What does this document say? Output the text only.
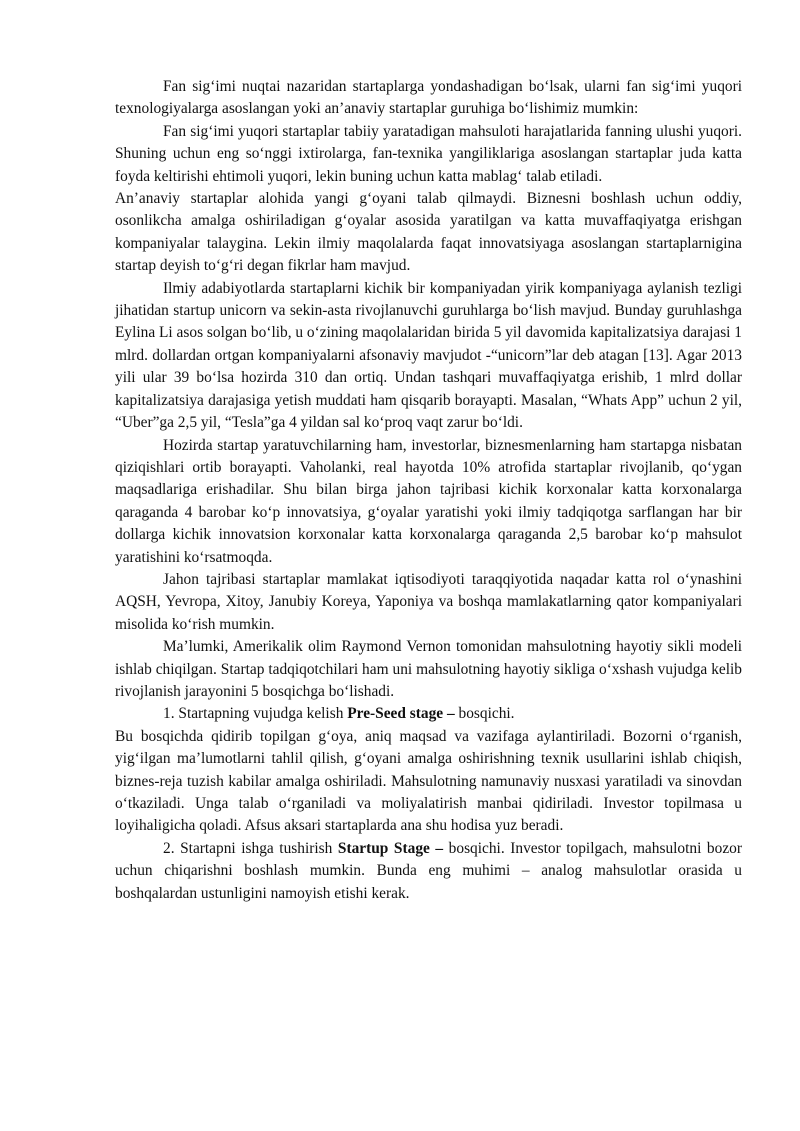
Fan sig‘imi nuqtai nazaridan startaplarga yondashadigan bo‘lsak, ularni fan sig‘imi yuqori texnologiyalarga asoslangan yoki an’anaviy startaplar guruhiga bo‘lishimiz mumkin:

Fan sig‘imi yuqori startaplar tabiiy yaratadigan mahsuloti harajatlarida fanning ulushi yuqori. Shuning uchun eng so‘nggi ixtirolarga, fan-texnika yangiliklariga asoslangan startaplar juda katta foyda keltirishi ehtimoli yuqori, lekin buning uchun katta mablag‘ talab etiladi.

An’anaviy startaplar alohida yangi g‘oyani talab qilmaydi. Biznesni boshlash uchun oddiy, osonlikcha amalga oshiriladigan g‘oyalar asosida yaratilgan va katta muvaffaqiyatga erishgan kompaniyalar talaygina. Lekin ilmiy maqolalarda faqat innovatsiyaga asoslangan startaplarnigina startap deyish to‘g‘ri degan fikrlar ham mavjud.

Ilmiy adabiyotlarda startaplarni kichik bir kompaniyadan yirik kompaniyaga aylanish tezligi jihatidan startup unicorn va sekin-asta rivojlanuvchi guruhlarga bo‘lish mavjud. Bunday guruhlashga Eylina Li asos solgan bo‘lib, u o‘zining maqolalaridan birida 5 yil davomida kapitalizatsiya darajasi 1 mlrd. dollardan ortgan kompaniyalarni afsonaviy mavjudot -“unicorn”lar deb atagan [13]. Agar 2013 yili ular 39 bo‘lsa hozirda 310 dan ortiq. Undan tashqari muvaffaqiyatga erishib, 1 mlrd dollar kapitalizatsiya darajasiga yetish muddati ham qisqarib borayapti. Masalan, “Whats App” uchun 2 yil, “Uber”ga 2,5 yil, “Tesla”ga 4 yildan sal ko‘proq vaqt zarur bo‘ldi.

Hozirda startap yaratuvchilarning ham, investorlar, biznesmenlarning ham startapga nisbatan qiziqishlari ortib borayapti. Vaholanki, real hayotda 10% atrofida startaplar rivojlanib, qo‘ygan maqsadlariga erishadilar. Shu bilan birga jahon tajribasi kichik korxonalar katta korxonalarga qaraganda 4 barobar ko‘p innovatsiya, g‘oyalar yaratishi yoki ilmiy tadqiqotga sarflangan har bir dollarga kichik innovatsion korxonalar katta korxonalarga qaraganda 2,5 barobar ko‘p mahsulot yaratishini ko‘rsatmoqda.

Jahon tajribasi startaplar mamlakat iqtisodiyoti taraqqiyotida naqadar katta rol o‘ynashini AQSH, Yevropa, Xitoy, Janubiy Koreya, Yaponiya va boshqa mamlakatlarning qator kompaniyalari misolida ko‘rish mumkin.

Ma’lumki, Amerikalik olim Raymond Vernon tomonidan mahsulotning hayotiy sikli modeli ishlab chiqilgan. Startap tadqiqotchilari ham uni mahsulotning hayotiy sikliga o‘xshash vujudga kelib rivojlanish jarayonini 5 bosqichga bo‘lishadi.

1. Startapning vujudga kelish Pre-Seed stage – bosqichi.

Bu bosqichda qidirib topilgan g‘oya, aniq maqsad va vazifaga aylantiriladi. Bozorni o‘rganish, yig‘ilgan ma’lumotlarni tahlil qilish, g‘oyani amalga oshirishning texnik usullarini ishlab chiqish, biznes-reja tuzish kabilar amalga oshiriladi. Mahsulotning namunaviy nusxasi yaratiladi va sinovdan o‘tkaziladi. Unga talab o‘rganiladi va moliyalatirish manbai qidiriladi. Investor topilmasa u loyihaligicha qoladi. Afsus aksari startaplarda ana shu hodisa yuz beradi.

2. Startapni ishga tushirish Startup Stage – bosqichi. Investor topilgach, mahsulotni bozor uchun chiqarishni boshlash mumkin. Bunda eng muhimi – analog mahsulotlar orasida u boshqalardan ustunligini namoyish etishi kerak.
